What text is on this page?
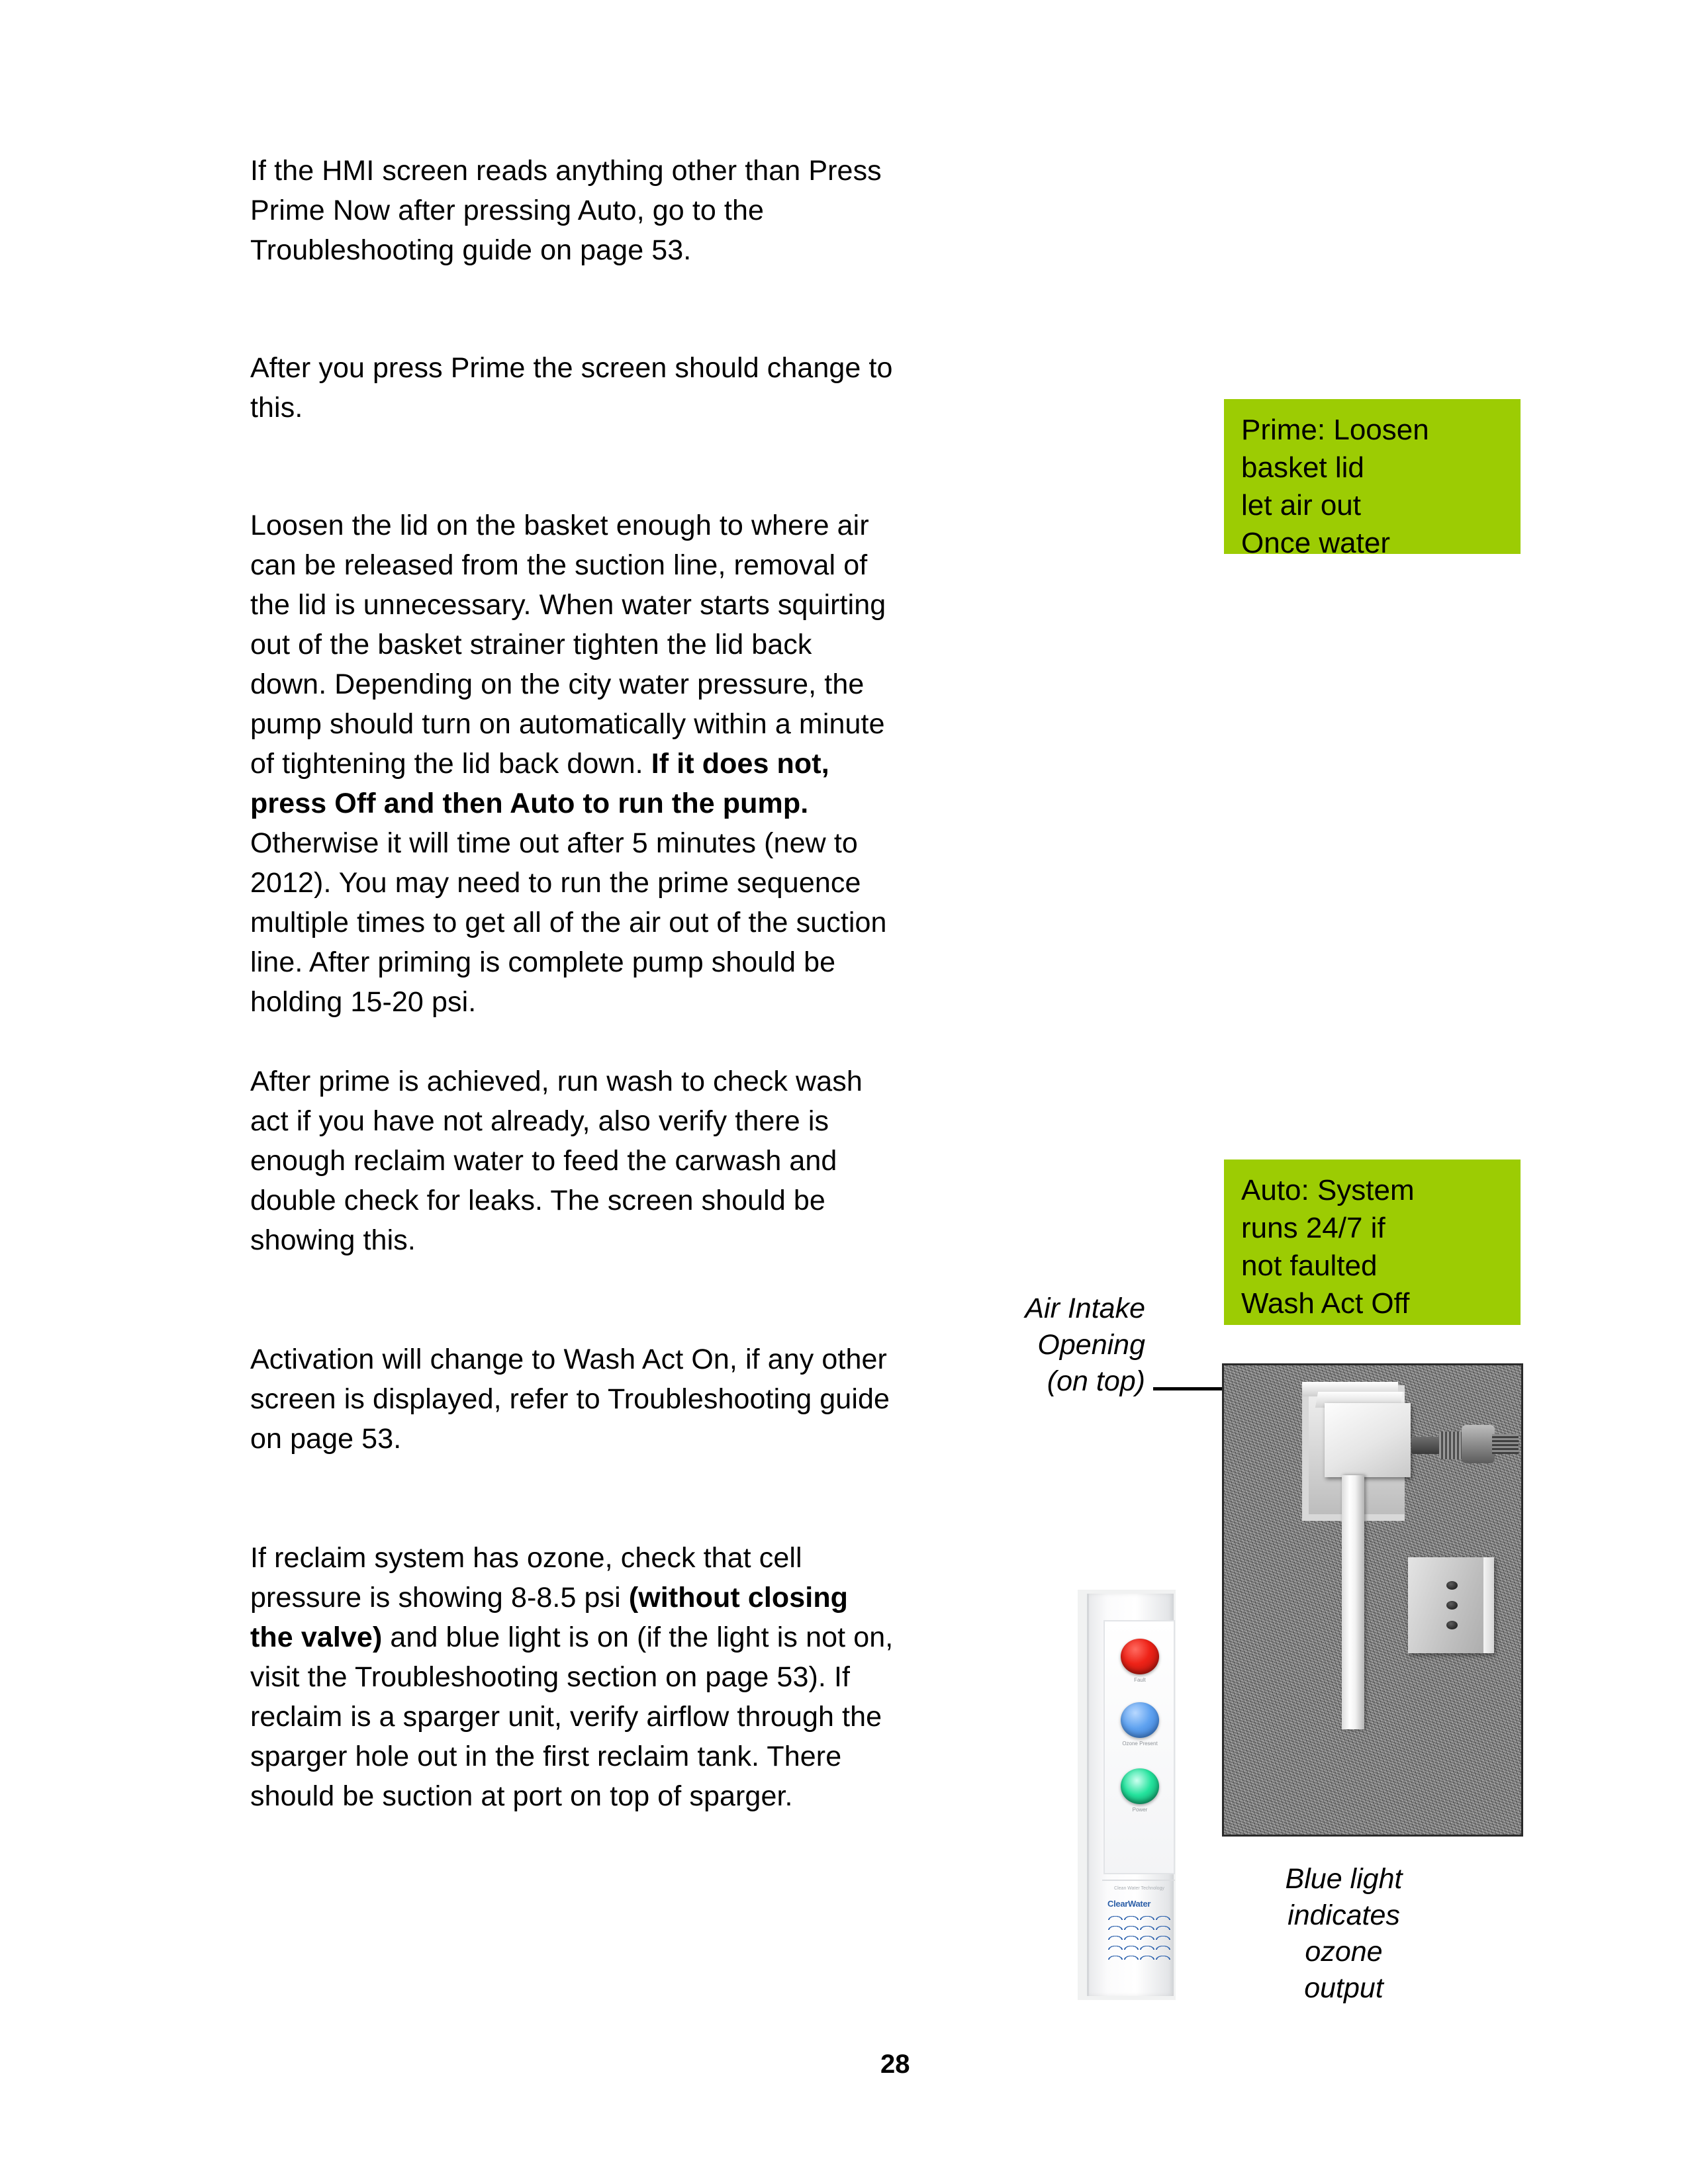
If the HMI screen reads anything other than Press Prime Now after pressing Auto, go to the Troubleshooting guide on page 53.

After you press Prime the screen should change to this.

Loosen the lid on the basket enough to where air can be released from the suction line, removal of the lid is unnecessary. When water starts squirting out of the basket strainer tighten the lid back down. Depending on the city water pressure, the pump should turn on automatically within a minute of tightening the lid back down. If it does not, press Off and then Auto to run the pump. Otherwise it will time out after 5 minutes (new to 2012). You may need to run the prime sequence multiple times to get all of the air out of the suction line. After priming is complete pump should be holding 15-20 psi.

After prime is achieved, run wash to check wash act if you have not already, also verify there is enough reclaim water to feed the carwash and double check for leaks. The screen should be showing this.

Activation will change to Wash Act On, if any other screen is displayed, refer to Troubleshooting guide on page 53.

If reclaim system has ozone, check that cell pressure is showing 8-8.5 psi (without closing the valve) and blue light is on (if the light is not on, visit the Troubleshooting section on page 53). If reclaim is a sparger unit, verify airflow through the sparger hole out in the first reclaim tank. There should be suction at port on top of sparger.

Prime: Loosen
basket lid
let air out
Once water
Auto: System
runs 24/7 if
not faulted
Wash Act Off
Air Intake
Opening
(on top)
Fault
Ozone Present
Power
Clean Water Technology
ClearWater
Blue light
indicates
ozone
output
28
